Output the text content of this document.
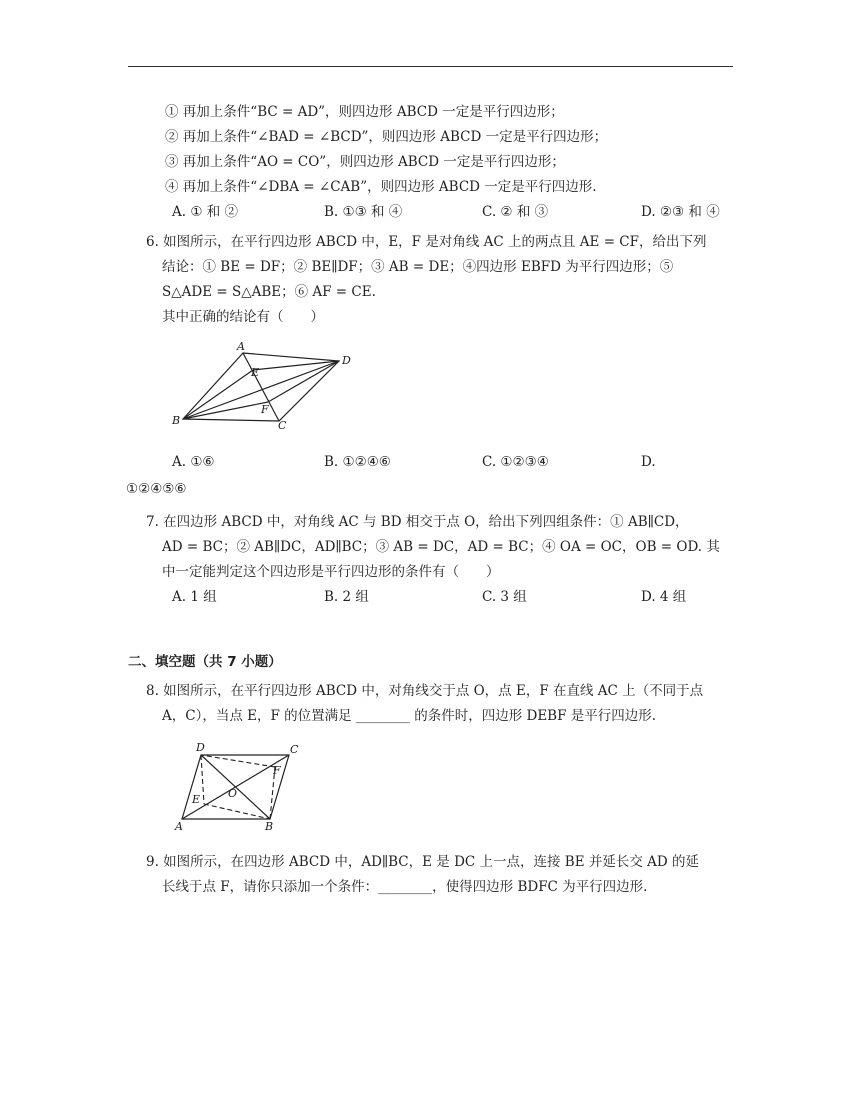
① 再加上条件“BC = AD”，则四边形 ABCD 一定是平行四边形；
② 再加上条件“∠BAD = ∠BCD”，则四边形 ABCD 一定是平行四边形；
③ 再加上条件“AO = CO”，则四边形 ABCD 一定是平行四边形；
④ 再加上条件“∠DBA = ∠CAB”，则四边形 ABCD 一定是平行四边形.
A. ① 和 ②	B. ①③ 和 ④	C. ② 和 ③	D. ②③ 和 ④
6. 如图所示，在平行四边形 ABCD 中，E，F 是对角线 AC 上的两点且 AE = CF，给出下列
结论：① BE = DF；② BE∥DF；③ AB = DE；④四边形 EBFD 为平行四边形；⑤
S△ADE = S△ABE；⑥ AF = CE.
其中正确的结论有（　　）
A
B	C
D
E
F
A. ①⑥	B. ①②④⑥	C. ①②③④	D.
①②④⑤⑥
7. 在四边形 ABCD 中，对角线 AC 与 BD 相交于点 O，给出下列四组条件：① AB∥CD，
AD = BC；② AB∥DC，AD∥BC；③ AB = DC，AD = BC；④ OA = OC，OB = OD. 其
中一定能判定这个四边形是平行四边形的条件有（　　）
A. 1 组	B. 2 组	C. 3 组	D. 4 组
二、填空题（共 7 小题）
8. 如图所示，在平行四边形 ABCD 中，对角线交于点 O，点 E，F 在直线 AC 上（不同于点
A，C），当点 E，F 的位置满足 ________ 的条件时，四边形 DEBF 是平行四边形.
D	C
A	B
E
F
O
9. 如图所示，在四边形 ABCD 中，AD∥BC，E 是 DC 上一点，连接 BE 并延长交 AD 的延
长线于点 F，请你只添加一个条件：________，使得四边形 BDFC 为平行四边形.
